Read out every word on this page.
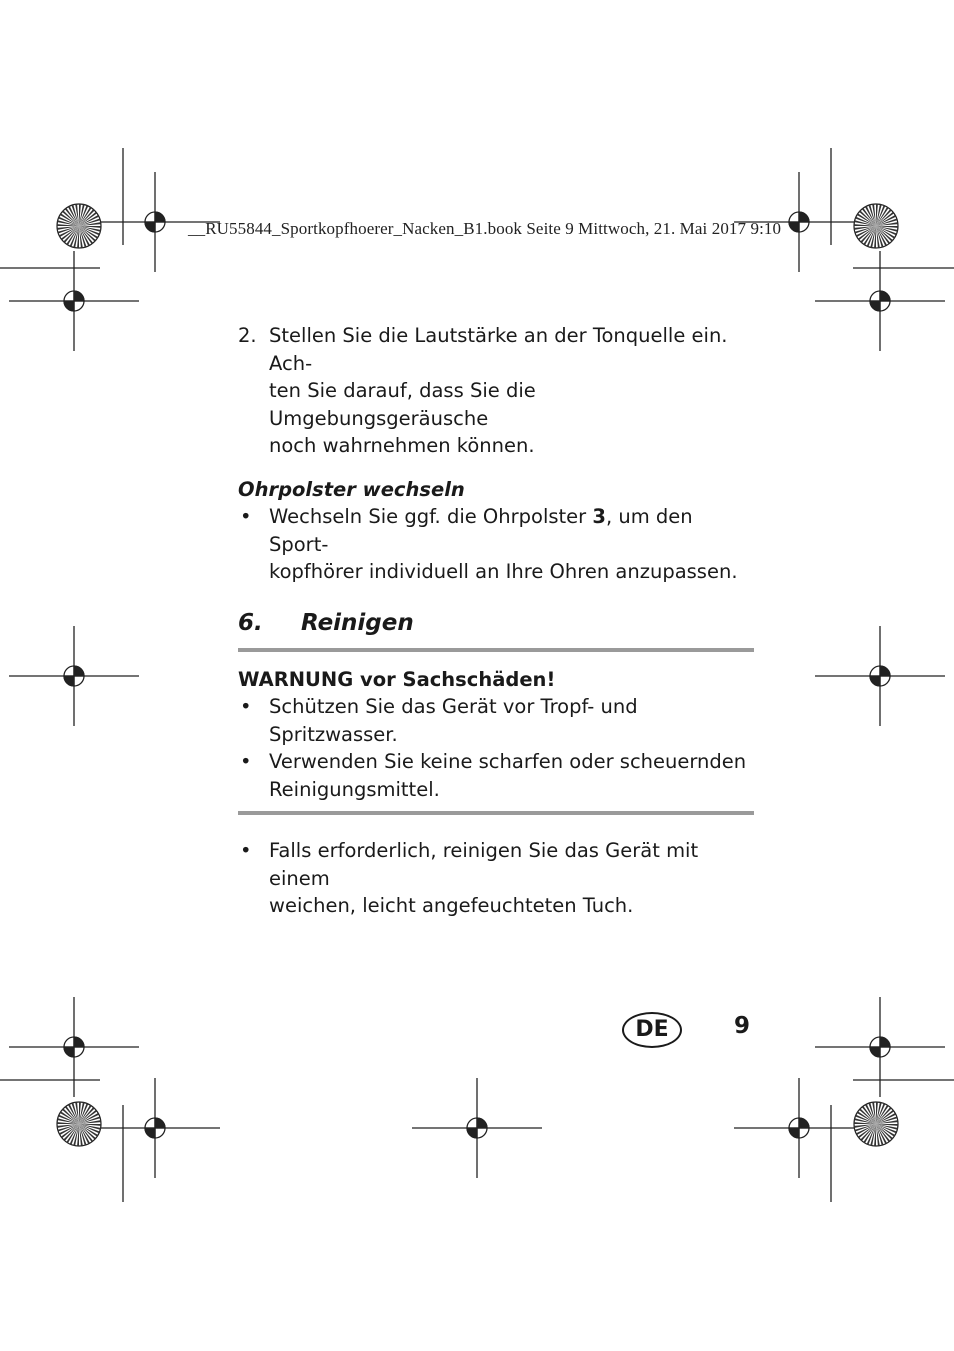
__RU55844_Sportkopfhoerer_Nacken_B1.book Seite 9 Mittwoch, 21. Mai 2017 9:10
2. Stellen Sie die Lautstärke an der Tonquelle ein. Ach-
ten Sie darauf, dass Sie die Umgebungsgeräusche
noch wahrnehmen können.
Ohrpolster wechseln
• Wechseln Sie ggf. die Ohrpolster 3, um den Sport-
kopfhörer individuell an Ihre Ohren anzupassen.
6. Reinigen
WARNUNG vor Sachschäden!
• Schützen Sie das Gerät vor Tropf- und Spritzwasser.
• Verwenden Sie keine scharfen oder scheuernden
Reinigungsmittel.
• Falls erforderlich, reinigen Sie das Gerät mit einem
weichen, leicht angefeuchteten Tuch.
DE	9
